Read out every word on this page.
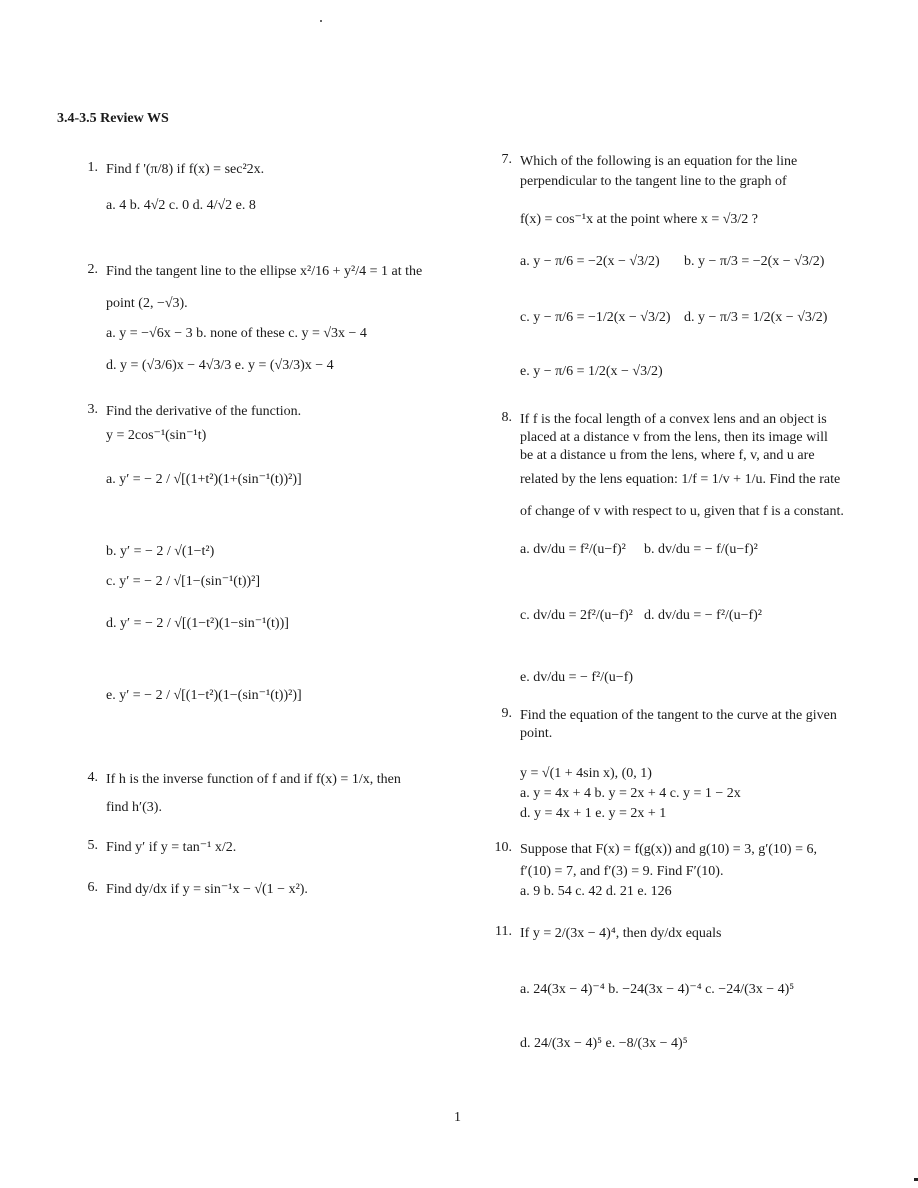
3.4-3.5 Review WS
1. Find f '(π/8) if f(x) = sec²2x.
a. 4 b. 4√2 c. 0 d. 4/√2 e. 8
2. Find the tangent line to the ellipse x²/16 + y²/4 = 1 at the
point (2, −√3).
a. y = −√6x − 3 b. none of these c. y = √3x − 4
d. y = (√3/6)x − 4√3/3 e. y = (√3/3)x − 4
3. Find the derivative of the function.
y = 2cos⁻¹(sin⁻¹t)
a. y′ = − 2 / √[(1+t²)(1+(sin⁻¹(t))²)]
b. y′ = − 2 / √(1−t²)
c. y′ = − 2 / √[1−(sin⁻¹(t))²]
d. y′ = − 2 / √[(1−t²)(1−sin⁻¹(t))]
e. y′ = − 2 / √[(1−t²)(1−(sin⁻¹(t))²)]
4. If h is the inverse function of f and if f(x) = 1/x, then
find h′(3).
5. Find y′ if y = tan⁻¹ x/2.
6. Find dy/dx if y = sin⁻¹x − √(1 − x²).
7. Which of the following is an equation for the line
perpendicular to the tangent line to the graph of
f(x) = cos⁻¹x at the point where x = √3/2 ?
a. y − π/6 = −2(x − √3/2) b. y − π/3 = −2(x − √3/2)
c. y − π/6 = −1/2(x − √3/2) d. y − π/3 = 1/2(x − √3/2)
e. y − π/6 = 1/2(x − √3/2)
8. If f is the focal length of a convex lens and an object is
placed at a distance v from the lens, then its image will
be at a distance u from the lens, where f, v, and u are
related by the lens equation: 1/f = 1/v + 1/u. Find the rate
of change of v with respect to u, given that f is a constant.
a. dv/du = f²/(u−f)² b. dv/du = − f/(u−f)²
c. dv/du = 2f²/(u−f)² d. dv/du = − f²/(u−f)²
e. dv/du = − f²/(u−f)
9. Find the equation of the tangent to the curve at the given
point.
y = √(1 + 4sin x), (0, 1)
a. y = 4x + 4 b. y = 2x + 4 c. y = 1 − 2x
d. y = 4x + 1 e. y = 2x + 1
10. Suppose that F(x) = f(g(x)) and g(10) = 3, g′(10) = 6,
f′(10) = 7, and f′(3) = 9. Find F′(10).
a. 9 b. 54 c. 42 d. 21 e. 126
11. If y = 2/(3x − 4)⁴, then dy/dx equals
a. 24(3x − 4)⁻⁴ b. −24(3x − 4)⁻⁴ c. −24/(3x − 4)⁵
d. 24/(3x − 4)⁵ e. −8/(3x − 4)⁵
1
